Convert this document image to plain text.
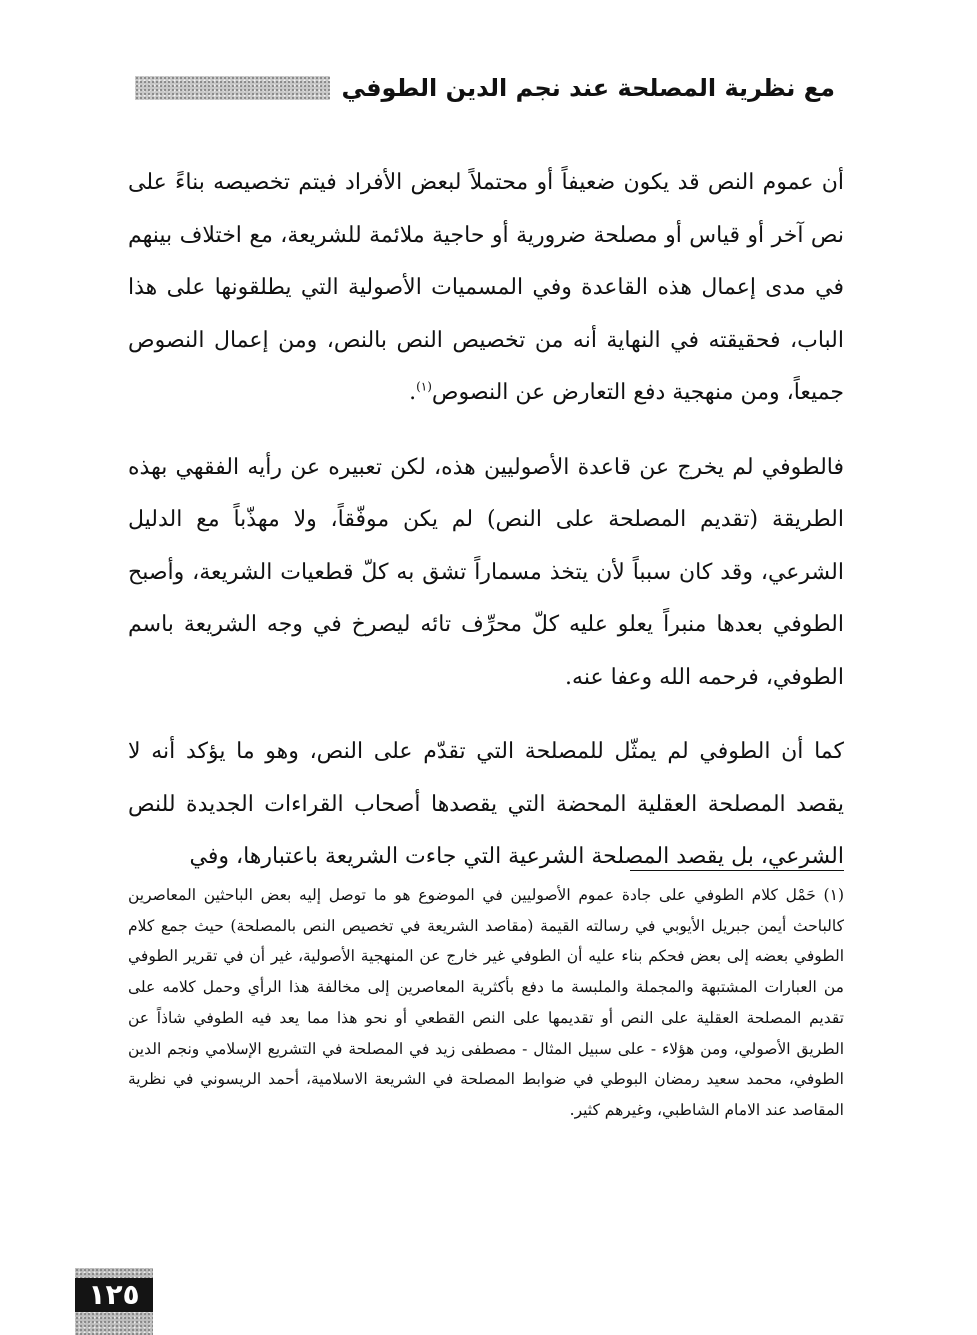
مع نظرية المصلحة عند نجم الدين الطوفي

أن عموم النص قد يكون ضعيفاً أو محتملاً لبعض الأفراد فيتم تخصيصه بناءً على نص آخر أو قياس أو مصلحة ضرورية أو حاجية ملائمة للشريعة، مع اختلاف بينهم في مدى إعمال هذه القاعدة وفي المسميات الأصولية التي يطلقونها على هذا الباب، فحقيقته في النهاية أنه من تخصيص النص بالنص، ومن إعمال النصوص جميعاً، ومن منهجية دفع التعارض عن النصوص$^{(١)}$.

فالطوفي لم يخرج عن قاعدة الأصوليين هذه، لكن تعبيره عن رأيه الفقهي بهذه الطريقة (تقديم المصلحة على النص) لم يكن موفّقاً، ولا مهذّباً مع الدليل الشرعي، وقد كان سبباً لأن يتخذ مسماراً تشق به كلّ قطعيات الشريعة، وأصبح الطوفي بعدها منبراً يعلو عليه كلّ محرِّف تائه ليصرخ في وجه الشريعة باسم الطوفي، فرحمه الله وعفا عنه.

كما أن الطوفي لم يمثّل للمصلحة التي تقدّم على النص، وهو ما يؤكد أنه لا يقصد المصلحة العقلية المحضة التي يقصدها أصحاب القراءات الجديدة للنص الشرعي، بل يقصد المصلحة الشرعية التي جاءت الشريعة باعتبارها، وفي

(١) حَمْل كلام الطوفي على جادة عموم الأصوليين في الموضوع هو ما توصل إليه بعض الباحثين المعاصرين كالباحث أيمن جبريل الأيوبي في رسالته القيمة (مقاصد الشريعة في تخصيص النص بالمصلحة) حيث جمع كلام الطوفي بعضه إلى بعض فحكم بناء عليه أن الطوفي غير خارج عن المنهجية الأصولية، غير أن في تقرير الطوفي من العبارات المشتبهة والمجملة والملبسة ما دفع بأكثرية المعاصرين إلى مخالفة هذا الرأي وحمل كلامه على تقديم المصلحة العقلية على النص أو تقديمها على النص القطعي أو نحو هذا مما يعد فيه الطوفي شاذاً عن الطريق الأصولي، ومن هؤلاء - على سبيل المثال - مصطفى زيد في المصلحة في التشريع الإسلامي ونجم الدين الطوفي، محمد سعيد رمضان البوطي في ضوابط المصلحة في الشريعة الاسلامية، أحمد الريسوني في نظرية المقاصد عند الامام الشاطبي، وغيرهم كثير.

١٢٥
